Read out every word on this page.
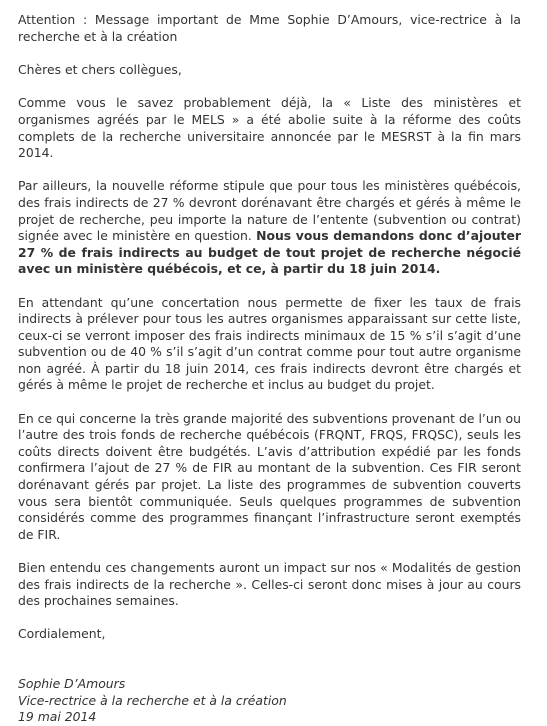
Attention : Message important de Mme Sophie D’Amours, vice-rectrice à la recherche et à la création

Chères et chers collègues,

Comme vous le savez probablement déjà, la « Liste des ministères et organismes agréés par le MELS » a été abolie suite à la réforme des coûts complets de la recherche universitaire annoncée par le MESRST à la fin mars 2014.

Par ailleurs, la nouvelle réforme stipule que pour tous les ministères québécois, des frais indirects de 27 % devront dorénavant être chargés et gérés à même le projet de recherche, peu importe la nature de l’entente (subvention ou contrat) signée avec le ministère en question. Nous vous demandons donc d’ajouter 27 % de frais indirects au budget de tout projet de recherche négocié avec un ministère québécois, et ce, à partir du 18 juin 2014.

En attendant qu’une concertation nous permette de fixer les taux de frais indirects à prélever pour tous les autres organismes apparaissant sur cette liste, ceux-ci se verront imposer des frais indirects minimaux de 15 % s’il s’agit d’une subvention ou de 40 % s’il s’agit d’un contrat comme pour tout autre organisme non agréé. À partir du 18 juin 2014, ces frais indirects devront être chargés et gérés à même le projet de recherche et inclus au budget du projet.

En ce qui concerne la très grande majorité des subventions provenant de l’un ou l’autre des trois fonds de recherche québécois (FRQNT, FRQS, FRQSC), seuls les coûts directs doivent être budgétés. L’avis d’attribution expédié par les fonds confirmera l’ajout de 27 % de FIR au montant de la subvention. Ces FIR seront dorénavant gérés par projet. La liste des programmes de subvention couverts vous sera bientôt communiquée. Seuls quelques programmes de subvention considérés comme des programmes finançant l’infrastructure seront exemptés de FIR.

Bien entendu ces changements auront un impact sur nos « Modalités de gestion des frais indirects de la recherche ». Celles-ci seront donc mises à jour au cours des prochaines semaines.

Cordialement,

Sophie D’Amours
Vice-rectrice à la recherche et à la création
19 mai 2014
